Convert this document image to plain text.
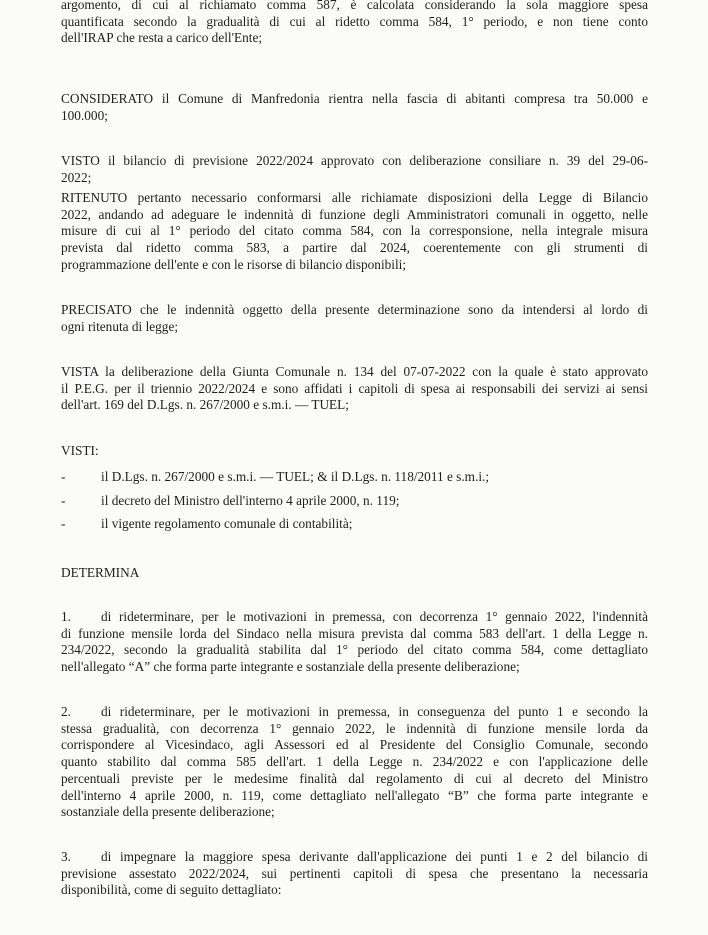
argomento, di cui al richiamato comma 587, è calcolata considerando la sola maggiore spesa
quantificata secondo la gradualità di cui al ridetto comma 584, 1° periodo, e non tiene conto
dell'IRAP che resta a carico dell'Ente;
CONSIDERATO il Comune di Manfredonia rientra nella fascia di abitanti compresa tra 50.000 e
100.000;
VISTO il bilancio di previsione 2022/2024 approvato con deliberazione consiliare n. 39 del 29-06-
2022;
RITENUTO pertanto necessario conformarsi alle richiamate disposizioni della Legge di Bilancio
2022, andando ad adeguare le indennità di funzione degli Amministratori comunali in oggetto, nelle
misure di cui al 1° periodo del citato comma 584, con la corresponsione, nella integrale misura
prevista dal ridetto comma 583, a partire dal 2024, coerentemente con gli strumenti di
programmazione dell'ente e con le risorse di bilancio disponibili;
PRECISATO che le indennità oggetto della presente determinazione sono da intendersi al lordo di
ogni ritenuta di legge;
VISTA la deliberazione della Giunta Comunale n. 134 del 07-07-2022 con la quale è stato approvato
il P.E.G. per il triennio 2022/2024 e sono affidati i capitoli di spesa ai responsabili dei servizi ai sensi
dell'art. 169 del D.Lgs. n. 267/2000 e s.m.i. — TUEL;
VISTI:
-	il D.Lgs. n. 267/2000 e s.m.i. — TUEL; & il D.Lgs. n. 118/2011 e s.m.i.;
-	il decreto del Ministro dell'interno 4 aprile 2000, n. 119;
-	il vigente regolamento comunale di contabilità;
DETERMINA
1. di rideterminare, per le motivazioni in premessa, con decorrenza 1° gennaio 2022, l'indennità
di funzione mensile lorda del Sindaco nella misura prevista dal comma 583 dell'art. 1 della Legge n.
234/2022, secondo la gradualità stabilita dal 1° periodo del citato comma 584, come dettagliato
nell'allegato “A” che forma parte integrante e sostanziale della presente deliberazione;
2. di rideterminare, per le motivazioni in premessa, in conseguenza del punto 1 e secondo la
stessa gradualità, con decorrenza 1° gennaio 2022, le indennità di funzione mensile lorda da
corrispondere al Vicesindaco, agli Assessori ed al Presidente del Consiglio Comunale, secondo
quanto stabilito dal comma 585 dell'art. 1 della Legge n. 234/2022 e con l'applicazione delle
percentuali previste per le medesime finalità dal regolamento di cui al decreto del Ministro
dell'interno 4 aprile 2000, n. 119, come dettagliato nell'allegato “B” che forma parte integrante e
sostanziale della presente deliberazione;
3. di impegnare la maggiore spesa derivante dall'applicazione dei punti 1 e 2 del bilancio di
previsione assestato 2022/2024, sui pertinenti capitoli di spesa che presentano la necessaria
disponibilità, come di seguito dettagliato:
